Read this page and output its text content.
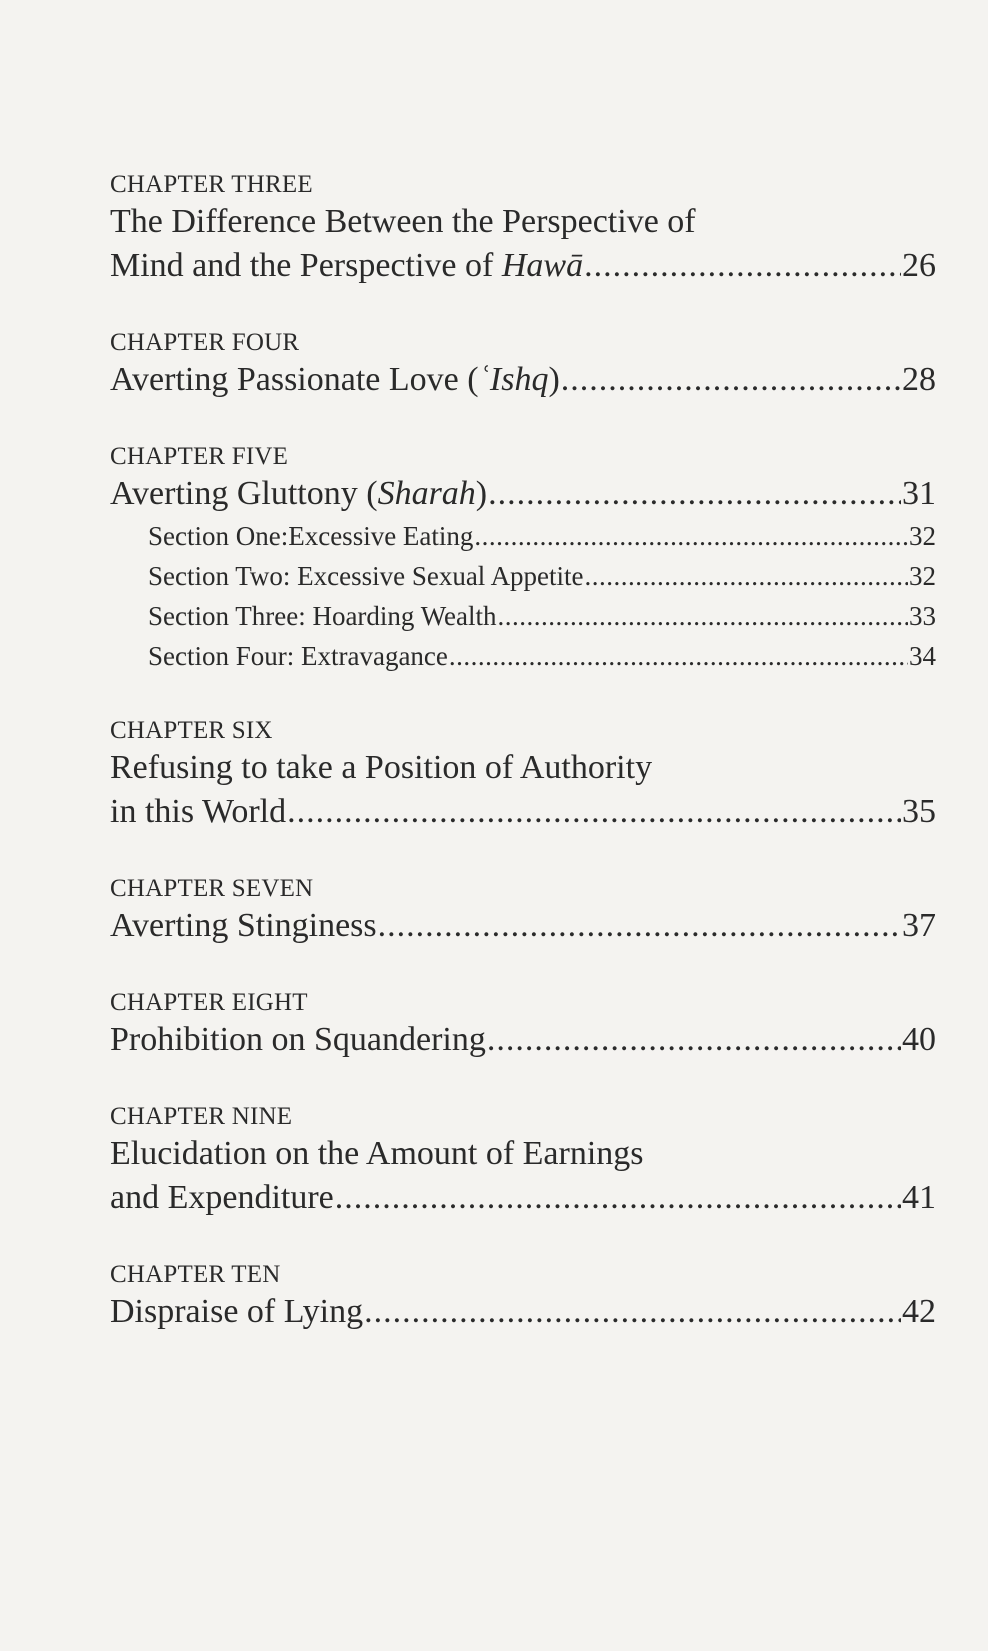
CHAPTER THREE
The Difference Between the Perspective of
Mind and the Perspective of Hawā .....	26
CHAPTER FOUR
Averting Passionate Love (ʿIshq) .....	28
CHAPTER FIVE
Averting Gluttony (Sharah) .....	31
Section One:Excessive Eating .....	32
Section Two: Excessive Sexual Appetite .....	32
Section Three: Hoarding Wealth .....	33
Section Four: Extravagance .....	34
CHAPTER SIX
Refusing to take a Position of Authority
in this World .....	35
CHAPTER SEVEN
Averting Stinginess .....	37
CHAPTER EIGHT
Prohibition on Squandering .....	40
CHAPTER NINE
Elucidation on the Amount of Earnings
and Expenditure .....	41
CHAPTER TEN
Dispraise of Lying .....	42
